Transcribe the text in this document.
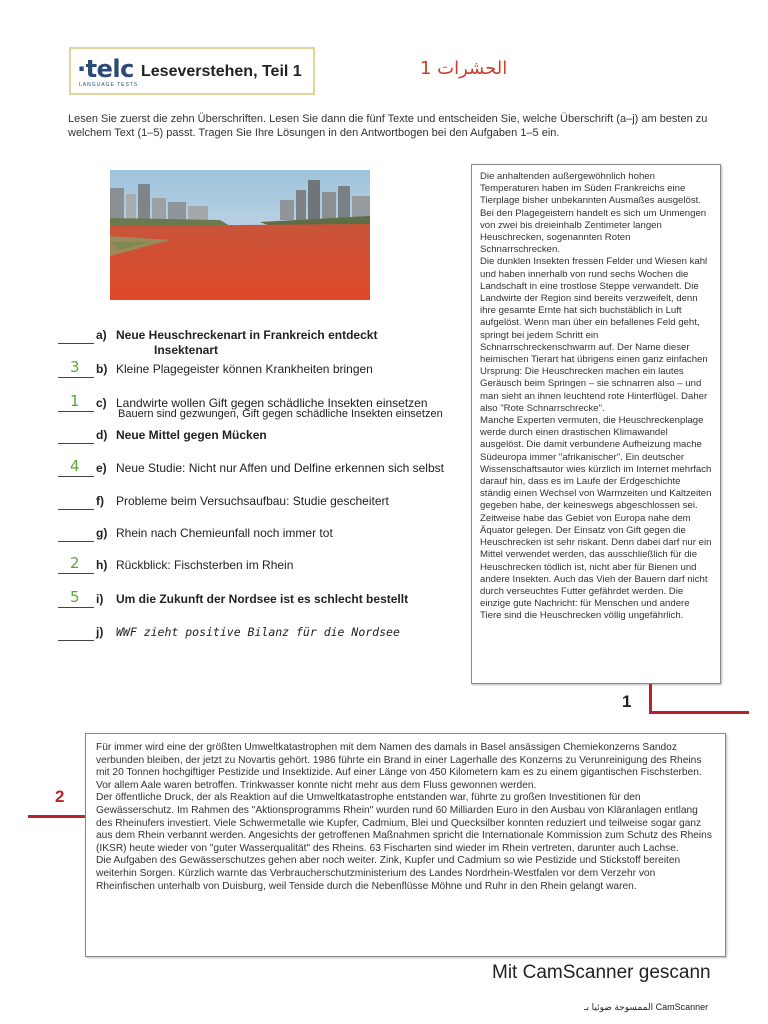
·telc
LANGUAGE TESTS
Leseverstehen, Teil 1	الحشرات 1
Lesen Sie zuerst die zehn Überschriften. Lesen Sie dann die fünf Texte und entscheiden Sie, welche Überschrift (a–j) am besten zu welchem Text (1–5) passt. Tragen Sie Ihre Lösungen in den Antwortbogen bei den Aufgaben 1–5 ein.
a) Neue Heuschreckenart in Frankreich entdeckt
Insektenart
3 b) Kleine Plagegeister können Krankheiten bringen
1 c) Landwirte wollen Gift gegen schädliche Insekten einsetzen
Bauern sind gezwungen, Gift gegen schädliche Insekten einsetzen
d) Neue Mittel gegen Mücken
4 e) Neue Studie: Nicht nur Affen und Delfine erkennen sich selbst
f) Probleme beim Versuchsaufbau: Studie gescheitert
g) Rhein nach Chemieunfall noch immer tot
2 h) Rückblick: Fischsterben im Rhein
5 i) Um die Zukunft der Nordsee ist es schlecht bestellt
j) WWF zieht positive Bilanz für die Nordsee
Die anhaltenden außergewöhnlich hohen Temperaturen haben im Süden Frankreichs eine Tierplage bisher unbekannten Ausmaßes ausgelöst. Bei den Plagegeistern handelt es sich um Unmengen von zwei bis dreieinhalb Zentimeter langen Heuschrecken, sogenannten Roten Schnarrschrecken.
Die dunklen Insekten fressen Felder und Wiesen kahl und haben innerhalb von rund sechs Wochen die Landschaft in eine trostlose Steppe verwandelt. Die Landwirte der Region sind bereits verzweifelt, denn ihre gesamte Ernte hat sich buchstäblich in Luft aufgelöst. Wenn man über ein befallenes Feld geht, springt bei jedem Schritt ein Schnarrschreckenschwarm auf. Der Name dieser heimischen Tierart hat übrigens einen ganz einfachen Ursprung: Die Heuschrecken machen ein lautes Geräusch beim Springen – sie schnarren also – und man sieht an ihnen leuchtend rote Hinterflügel. Daher also "Rote Schnarrschrecke".
Manche Experten vermuten, die Heuschreckenplage werde durch einen drastischen Klimawandel ausgelöst. Die damit verbundene Aufheizung mache Südeuropa immer "afrikanischer". Ein deutscher Wissenschaftsautor wies kürzlich im Internet mehrfach darauf hin, dass es im Laufe der Erdgeschichte ständig einen Wechsel von Warmzeiten und Kaltzeiten gegeben habe, der keineswegs abgeschlossen sei. Zeitweise habe das Gebiet von Europa nahe dem Äquator gelegen. Der Einsatz von Gift gegen die Heuschrecken ist sehr riskant. Denn dabei darf nur ein Mittel verwendet werden, das ausschließlich für die Heuschrecken tödlich ist, nicht aber für Bienen und andere Insekten. Auch das Vieh der Bauern darf nicht durch verseuchtes Futter gefährdet werden. Die einzige gute Nachricht: für Menschen und andere Tiere sind die Heuschrecken völlig ungefährlich.
1
2
Für immer wird eine der größten Umweltkatastrophen mit dem Namen des damals in Basel ansässigen Chemiekonzerns Sandoz verbunden bleiben, der jetzt zu Novartis gehört. 1986 führte ein Brand in einer Lagerhalle des Konzerns zu Verunreinigung des Rheins mit 20 Tonnen hochgiftiger Pestizide und Insektizide. Auf einer Länge von 450 Kilometern kam es zu einem gigantischen Fischsterben. Vor allem Aale waren betroffen. Trinkwasser konnte nicht mehr aus dem Fluss gewonnen werden.
Der öffentliche Druck, der als Reaktion auf die Umweltkatastrophe entstanden war, führte zu großen Investitionen für den Gewässerschutz. Im Rahmen des "Aktionsprogramms Rhein" wurden rund 60 Milliarden Euro in den Ausbau von Kläranlagen entlang des Rheinufers investiert. Viele Schwermetalle wie Kupfer, Cadmium, Blei und Quecksilber konnten reduziert und teilweise sogar ganz aus dem Rhein verbannt werden. Angesichts der getroffenen Maßnahmen spricht die Internationale Kommission zum Schutz des Rheins (IKSR) heute wieder von "guter Wasserqualität" des Rheins. 63 Fischarten sind wieder im Rhein vertreten, darunter auch Lachse.
Die Aufgaben des Gewässerschutzes gehen aber noch weiter. Zink, Kupfer und Cadmium so wie Pestizide und Stickstoff bereiten weiterhin Sorgen. Kürzlich warnte das Verbraucherschutzministerium des Landes Nordrhein-Westfalen vor dem Verzehr von Rheinfischen unterhalb von Duisburg, weil Tenside durch die Nebenflüsse Möhne und Ruhr in den Rhein gelangt waren.
Mit CamScanner gescann
الممسوحة ضوئيا بـ CamScanner
